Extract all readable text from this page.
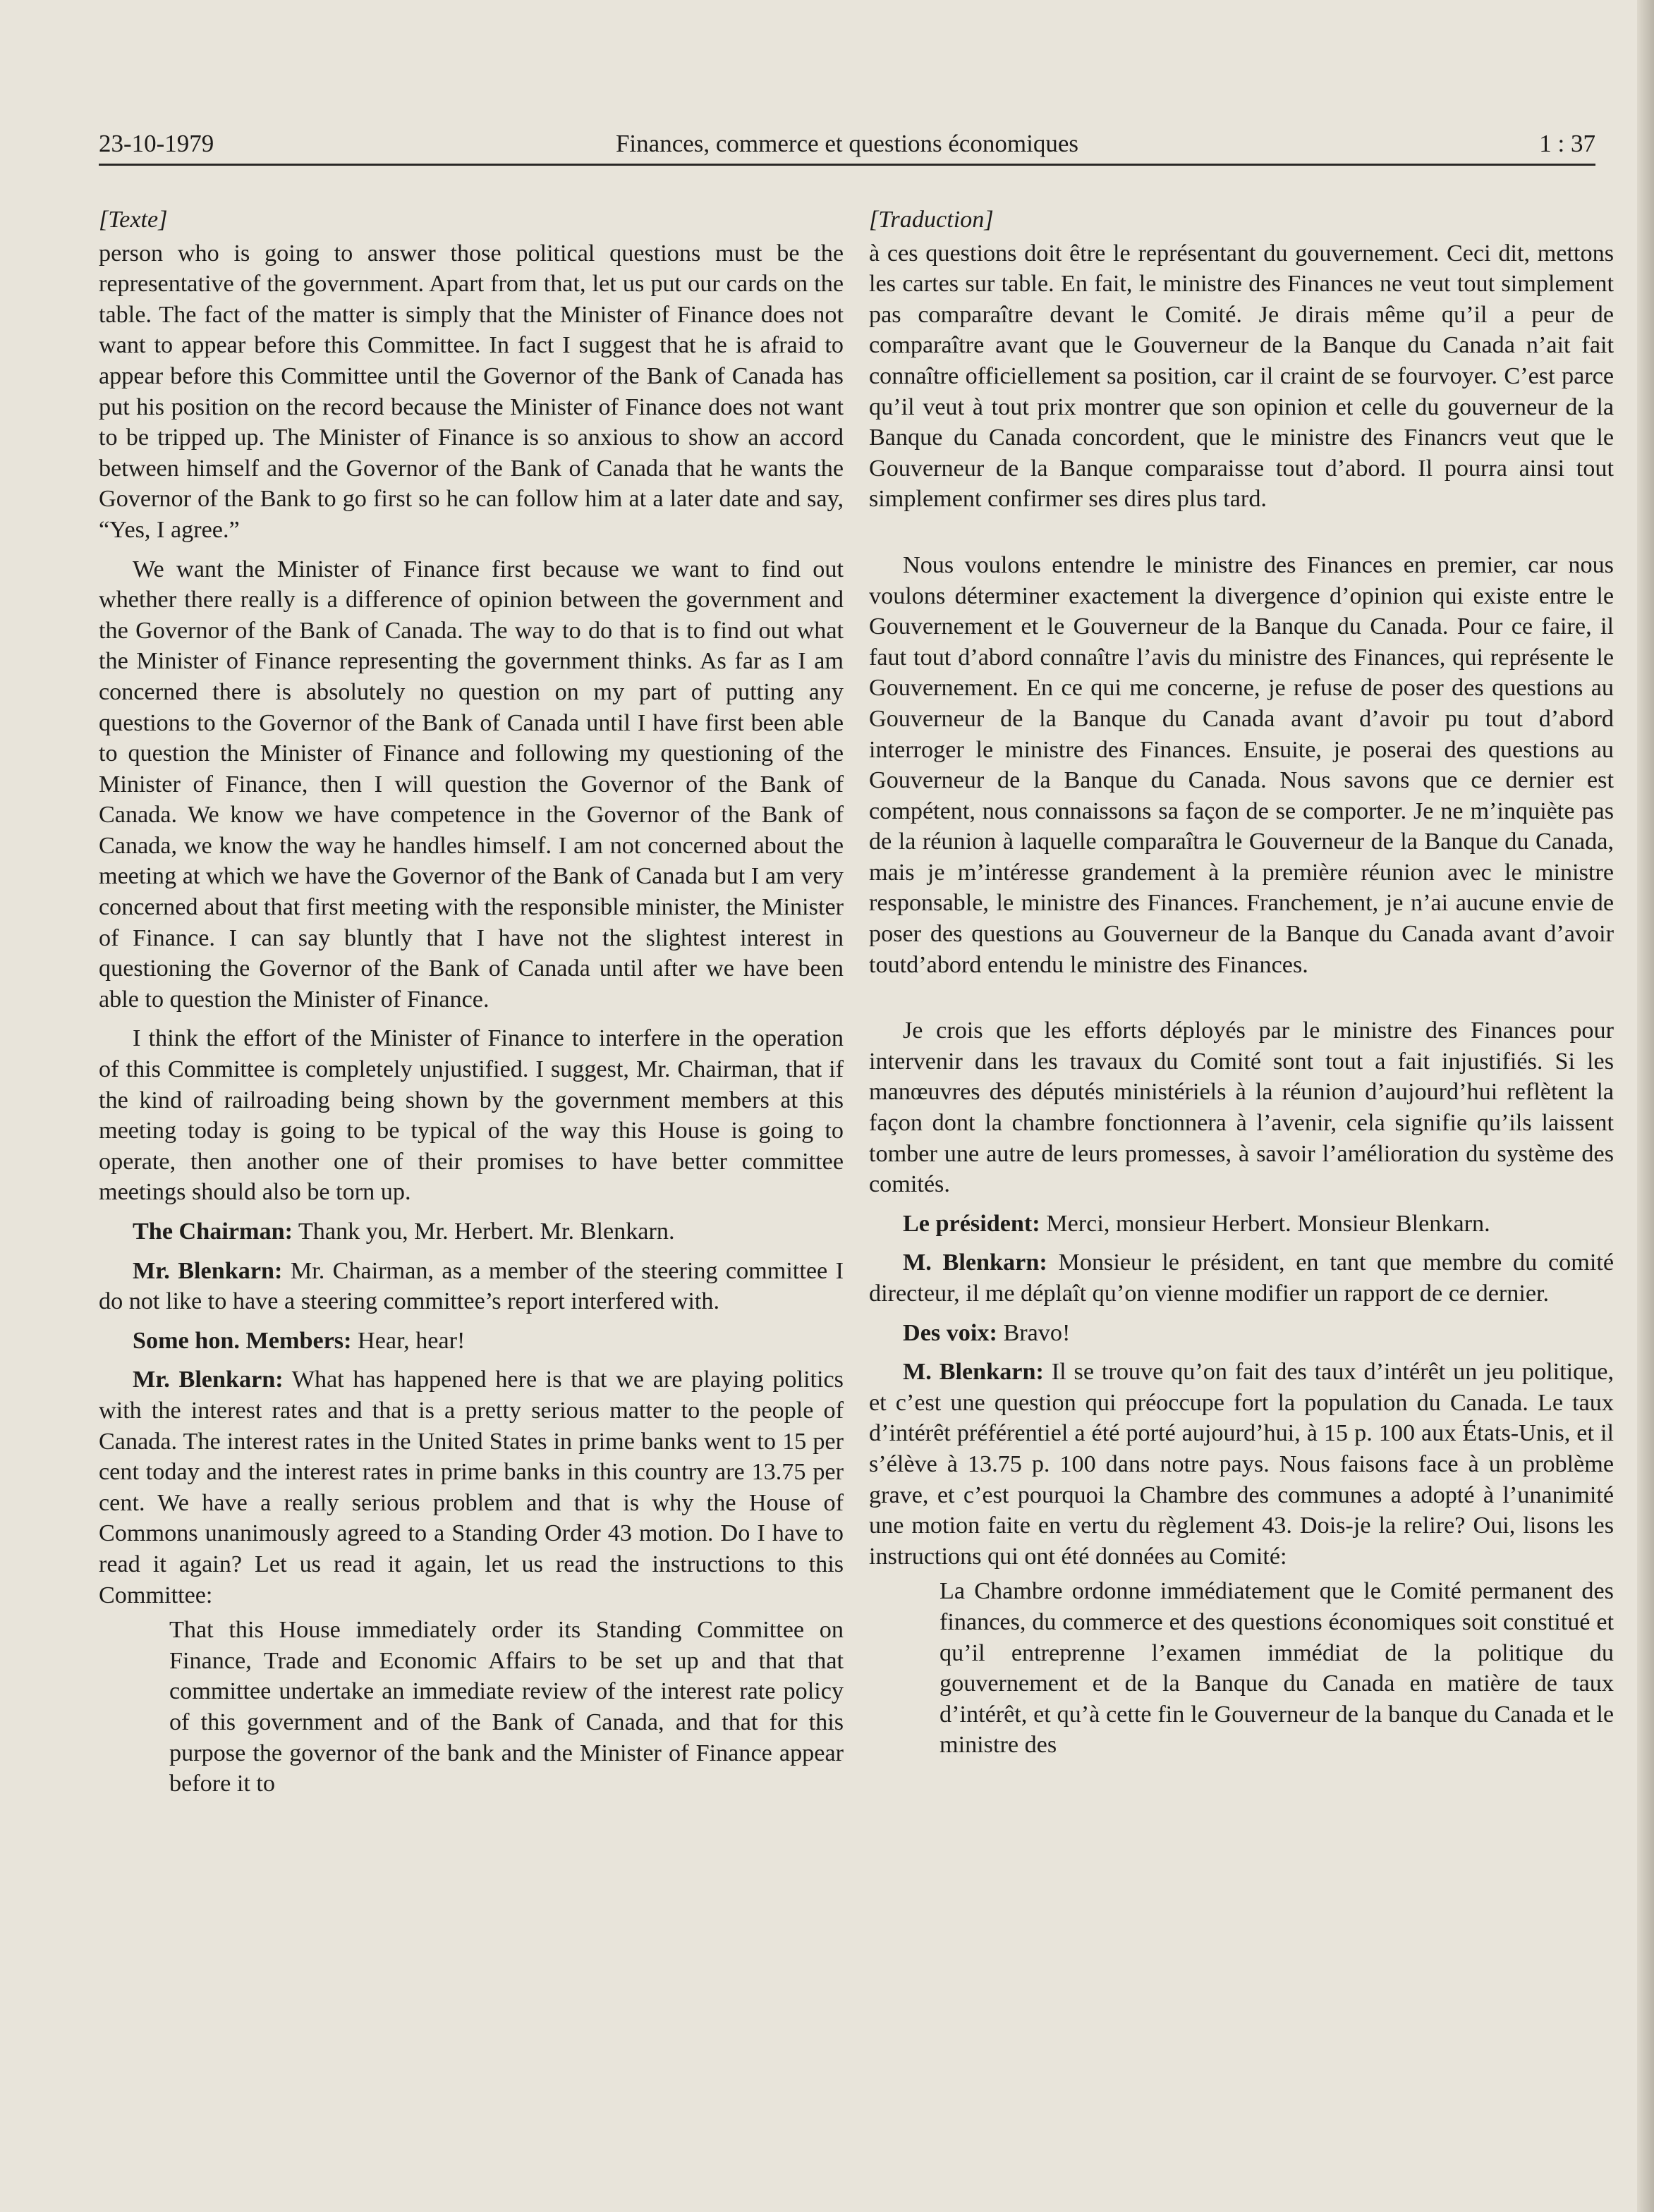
23-10-1979	Finances, commerce et questions économiques	1 : 37
[Texte]

person who is going to answer those political questions must be the representative of the government. Apart from that, let us put our cards on the table. The fact of the matter is simply that the Minister of Finance does not want to appear before this Committee. In fact I suggest that he is afraid to appear before this Committee until the Governor of the Bank of Canada has put his position on the record because the Minister of Finance does not want to be tripped up. The Minister of Finance is so anxious to show an accord between himself and the Governor of the Bank of Canada that he wants the Governor of the Bank to go first so he can follow him at a later date and say, “Yes, I agree.”

We want the Minister of Finance first because we want to find out whether there really is a difference of opinion between the government and the Governor of the Bank of Canada. The way to do that is to find out what the Minister of Finance representing the government thinks. As far as I am concerned there is absolutely no question on my part of putting any questions to the Governor of the Bank of Canada until I have first been able to question the Minister of Finance and following my questioning of the Minister of Finance, then I will question the Governor of the Bank of Canada. We know we have competence in the Governor of the Bank of Canada, we know the way he handles himself. I am not concerned about the meeting at which we have the Governor of the Bank of Canada but I am very concerned about that first meeting with the responsible minister, the Minister of Finance. I can say bluntly that I have not the slightest interest in questioning the Governor of the Bank of Canada until after we have been able to question the Minister of Finance.

I think the effort of the Minister of Finance to interfere in the operation of this Committee is completely unjustified. I suggest, Mr. Chairman, that if the kind of railroading being shown by the government members at this meeting today is going to be typical of the way this House is going to operate, then another one of their promises to have better committee meetings should also be torn up.

The Chairman: Thank you, Mr. Herbert. Mr. Blenkarn.

Mr. Blenkarn: Mr. Chairman, as a member of the steering committee I do not like to have a steering committee’s report interfered with.

Some hon. Members: Hear, hear!

Mr. Blenkarn: What has happened here is that we are playing politics with the interest rates and that is a pretty serious matter to the people of Canada. The interest rates in the United States in prime banks went to 15 per cent today and the interest rates in prime banks in this country are 13.75 per cent. We have a really serious problem and that is why the House of Commons unanimously agreed to a Standing Order 43 motion. Do I have to read it again? Let us read it again, let us read the instructions to this Committee:

That this House immediately order its Standing Committee on Finance, Trade and Economic Affairs to be set up and that that committee undertake an immediate review of the interest rate policy of this government and of the Bank of Canada, and that for this purpose the governor of the bank and the Minister of Finance appear before it to

[Traduction]

à ces questions doit être le représentant du gouvernement. Ceci dit, mettons les cartes sur table. En fait, le ministre des Finances ne veut tout simplement pas comparaître devant le Comité. Je dirais même qu’il a peur de comparaître avant que le Gouverneur de la Banque du Canada n’ait fait connaître officiellement sa position, car il craint de se fourvoyer. C’est parce qu’il veut à tout prix montrer que son opinion et celle du gouverneur de la Banque du Canada concordent, que le ministre des Financrs veut que le Gouverneur de la Banque comparaisse tout d’abord. Il pourra ainsi tout simplement confirmer ses dires plus tard.

Nous voulons entendre le ministre des Finances en premier, car nous voulons déterminer exactement la divergence d’opinion qui existe entre le Gouvernement et le Gouverneur de la Banque du Canada. Pour ce faire, il faut tout d’abord connaître l’avis du ministre des Finances, qui représente le Gouvernement. En ce qui me concerne, je refuse de poser des questions au Gouverneur de la Banque du Canada avant d’avoir pu tout d’abord interroger le ministre des Finances. Ensuite, je poserai des questions au Gouverneur de la Banque du Canada. Nous savons que ce dernier est compétent, nous connaissons sa façon de se comporter. Je ne m’inquiète pas de la réunion à laquelle comparaîtra le Gouverneur de la Banque du Canada, mais je m’intéresse grandement à la première réunion avec le ministre responsable, le ministre des Finances. Franchement, je n’ai aucune envie de poser des questions au Gouverneur de la Banque du Canada avant d’avoir toutd’abord entendu le ministre des Finances.

Je crois que les efforts déployés par le ministre des Finances pour intervenir dans les travaux du Comité sont tout a fait injustifiés. Si les manœuvres des députés ministériels à la réunion d’aujourd’hui reflètent la façon dont la chambre fonctionnera à l’avenir, cela signifie qu’ils laissent tomber une autre de leurs promesses, à savoir l’amélioration du système des comités.

Le président: Merci, monsieur Herbert. Monsieur Blenkarn.

M. Blenkarn: Monsieur le président, en tant que membre du comité directeur, il me déplaît qu’on vienne modifier un rapport de ce dernier.

Des voix: Bravo!

M. Blenkarn: Il se trouve qu’on fait des taux d’intérêt un jeu politique, et c’est une question qui préoccupe fort la population du Canada. Le taux d’intérêt préférentiel a été porté aujourd’hui, à 15 p. 100 aux États-Unis, et il s’élève à 13.75 p. 100 dans notre pays. Nous faisons face à un problème grave, et c’est pourquoi la Chambre des communes a adopté à l’unanimité une motion faite en vertu du règlement 43. Dois-je la relire? Oui, lisons les instructions qui ont été données au Comité:

La Chambre ordonne immédiatement que le Comité permanent des finances, du commerce et des questions économiques soit constitué et qu’il entreprenne l’examen immédiat de la politique du gouvernement et de la Banque du Canada en matière de taux d’intérêt, et qu’à cette fin le Gouverneur de la banque du Canada et le ministre des
